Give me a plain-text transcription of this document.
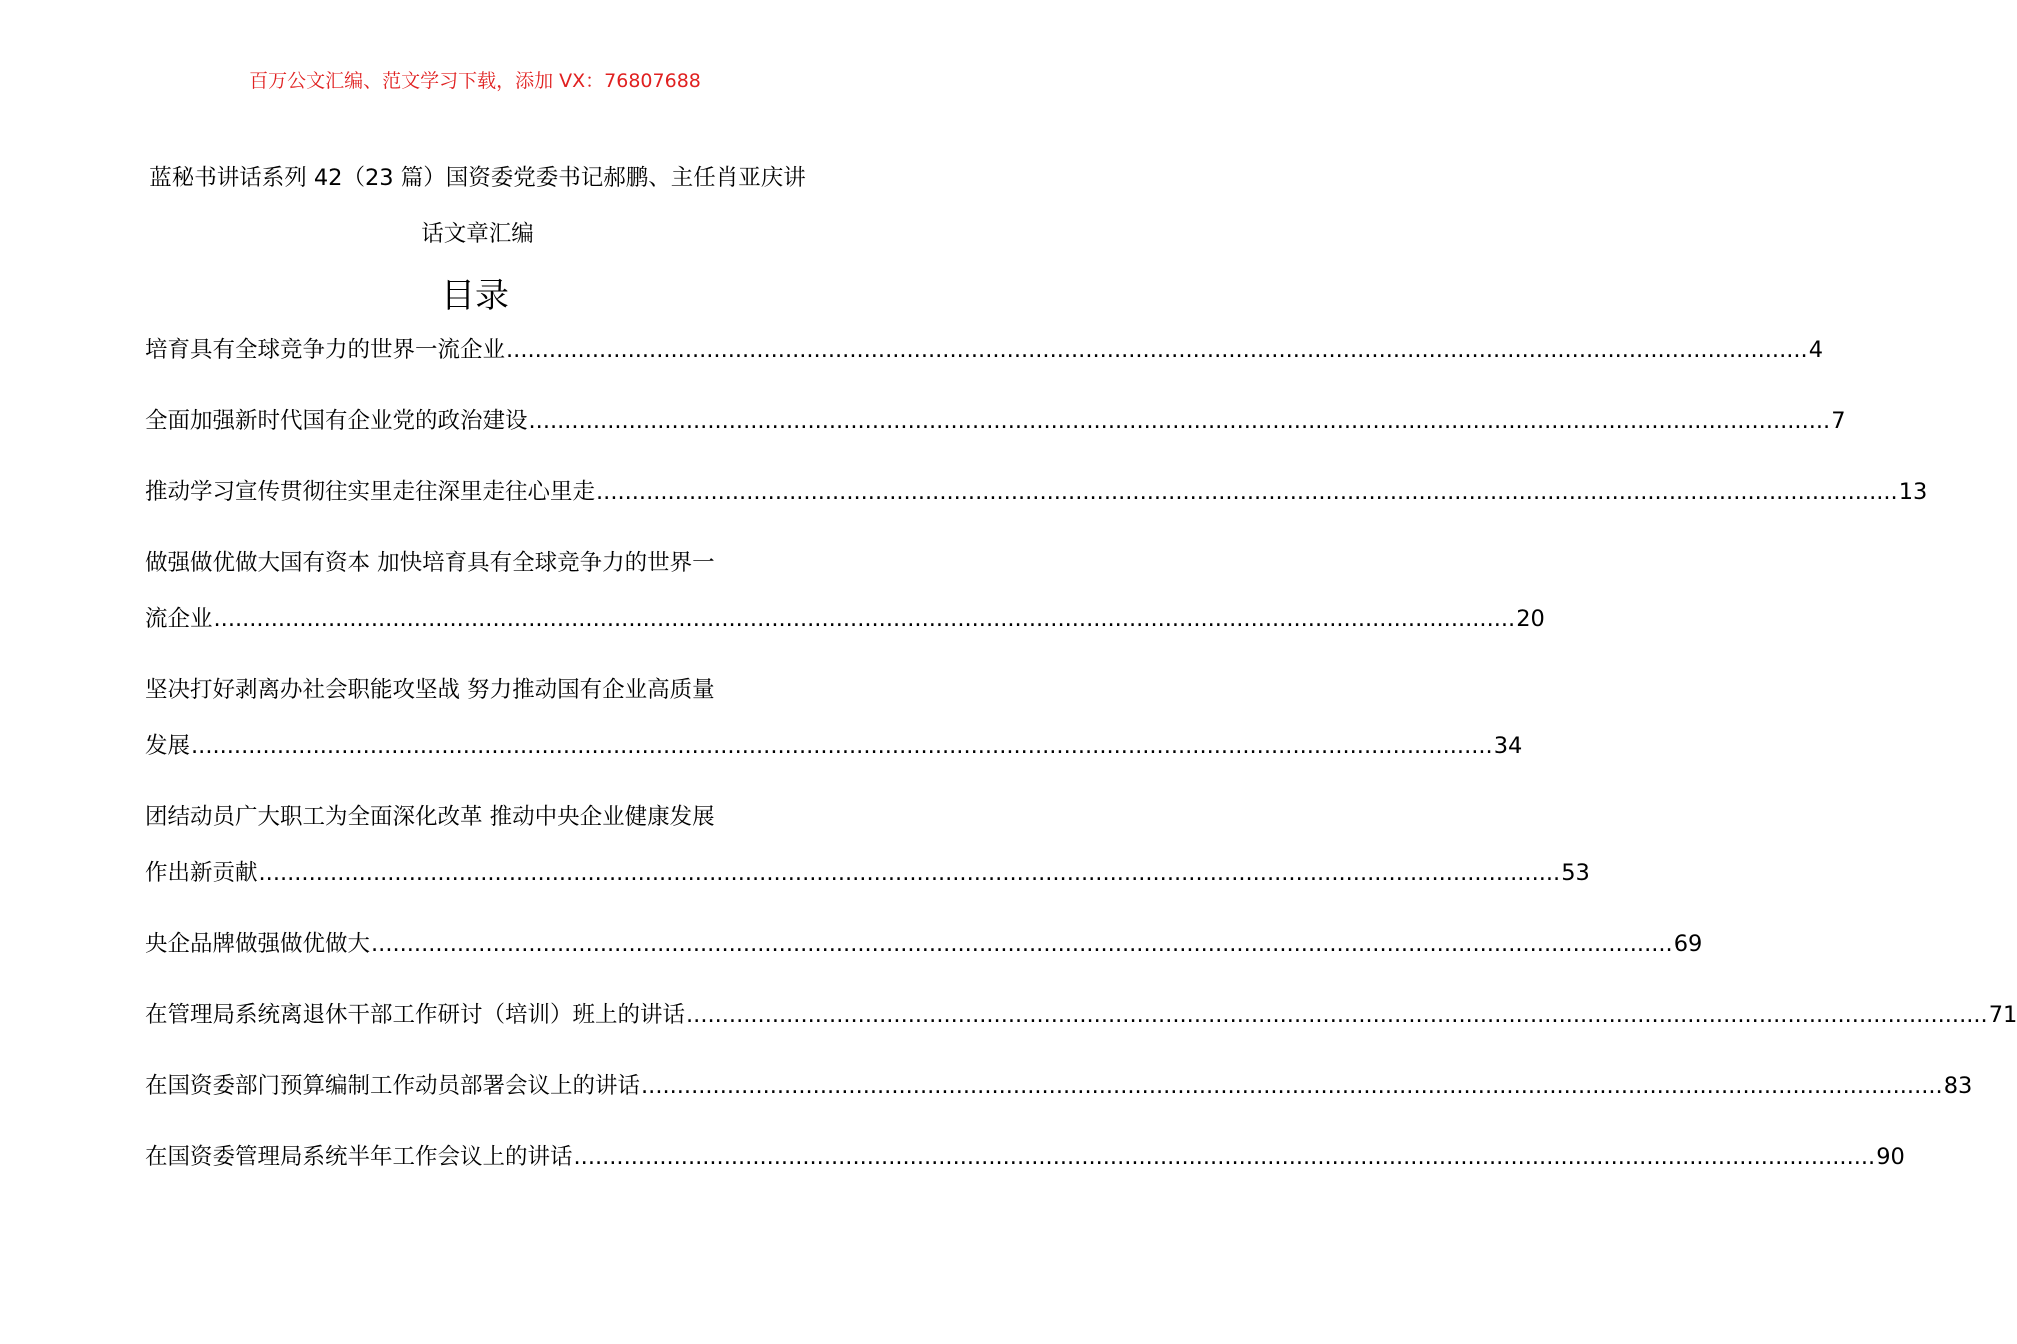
百万公文汇编、范文学习下载，添加 VX：76807688
蓝秘书讲话系列 42（23 篇）国资委党委书记郝鹏、主任肖亚庆讲话文章汇编
目录
培育具有全球竞争力的世界一流企业 .....	4
全面加强新时代国有企业党的政治建设 .....	7
推动学习宣传贯彻往实里走往深里走往心里走 .....	13
做强做优做大国有资本 加快培育具有全球竞争力的世界一
流企业 .....	20
坚决打好剥离办社会职能攻坚战 努力推动国有企业高质量
发展 .....	34
团结动员广大职工为全面深化改革 推动中央企业健康发展
作出新贡献 .....	53
央企品牌做强做优做大 .....	69
在管理局系统离退休干部工作研讨（培训）班上的讲话 .....	71
在国资委部门预算编制工作动员部署会议上的讲话 .....	83
在国资委管理局系统半年工作会议上的讲话 .....	90
